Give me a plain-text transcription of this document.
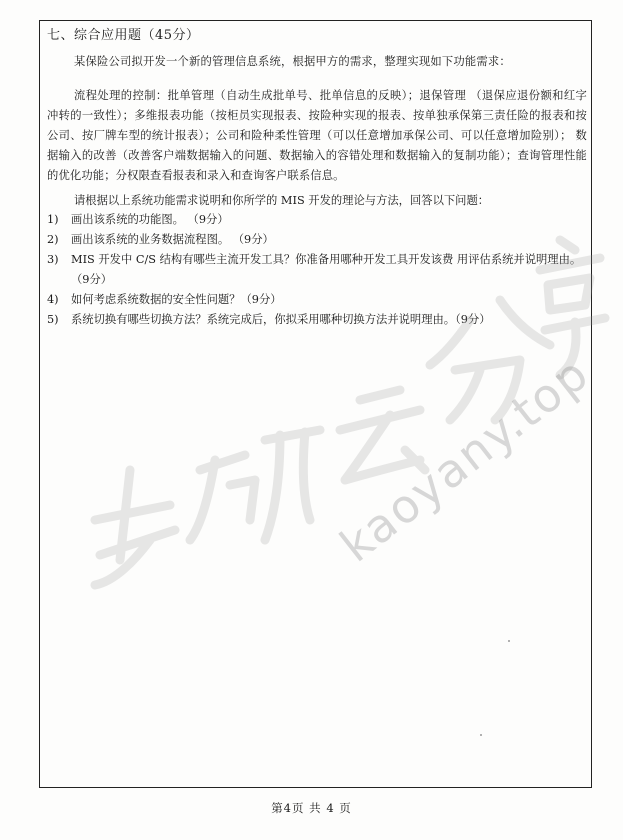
七、综合应用题（45分）
某保险公司拟开发一个新的管理信息系统，根据甲方的需求，整理实现如下功能需求：
流程处理的控制：批单管理（自动生成批单号、批单信息的反映）；退保管理 （退保应退份额和红字冲转的一致性）；多维报表功能（按柜员实现报表、按险种实现的报表、按单独承保第三责任险的报表和按公司、按厂牌车型的统计报表）；公司和险种柔性管理（可以任意增加承保公司、可以任意增加险别）； 数据输入的改善（改善客户端数据输入的问题、数据输入的容错处理和数据输入的复制功能）；查询管理性能的优化功能；分权限查看报表和录入和查询客户联系信息。
请根据以上系统功能需求说明和你所学的 MIS 开发的理论与方法，回答以下问题：
1) 画出该系统的功能图。 （9分）
2) 画出该系统的业务数据流程图。 （9分）
3) MIS 开发中 C/S 结构有哪些主流开发工具？你准备用哪种开发工具开发该费 用评估系统并说明理由。 （9分）
4) 如何考虑系统数据的安全性问题？（9分）
5) 系统切换有哪些切换方法？系统完成后，你拟采用哪种切换方法并说明理由。（9分）
kaoyany.top
第4页 共 4 页
